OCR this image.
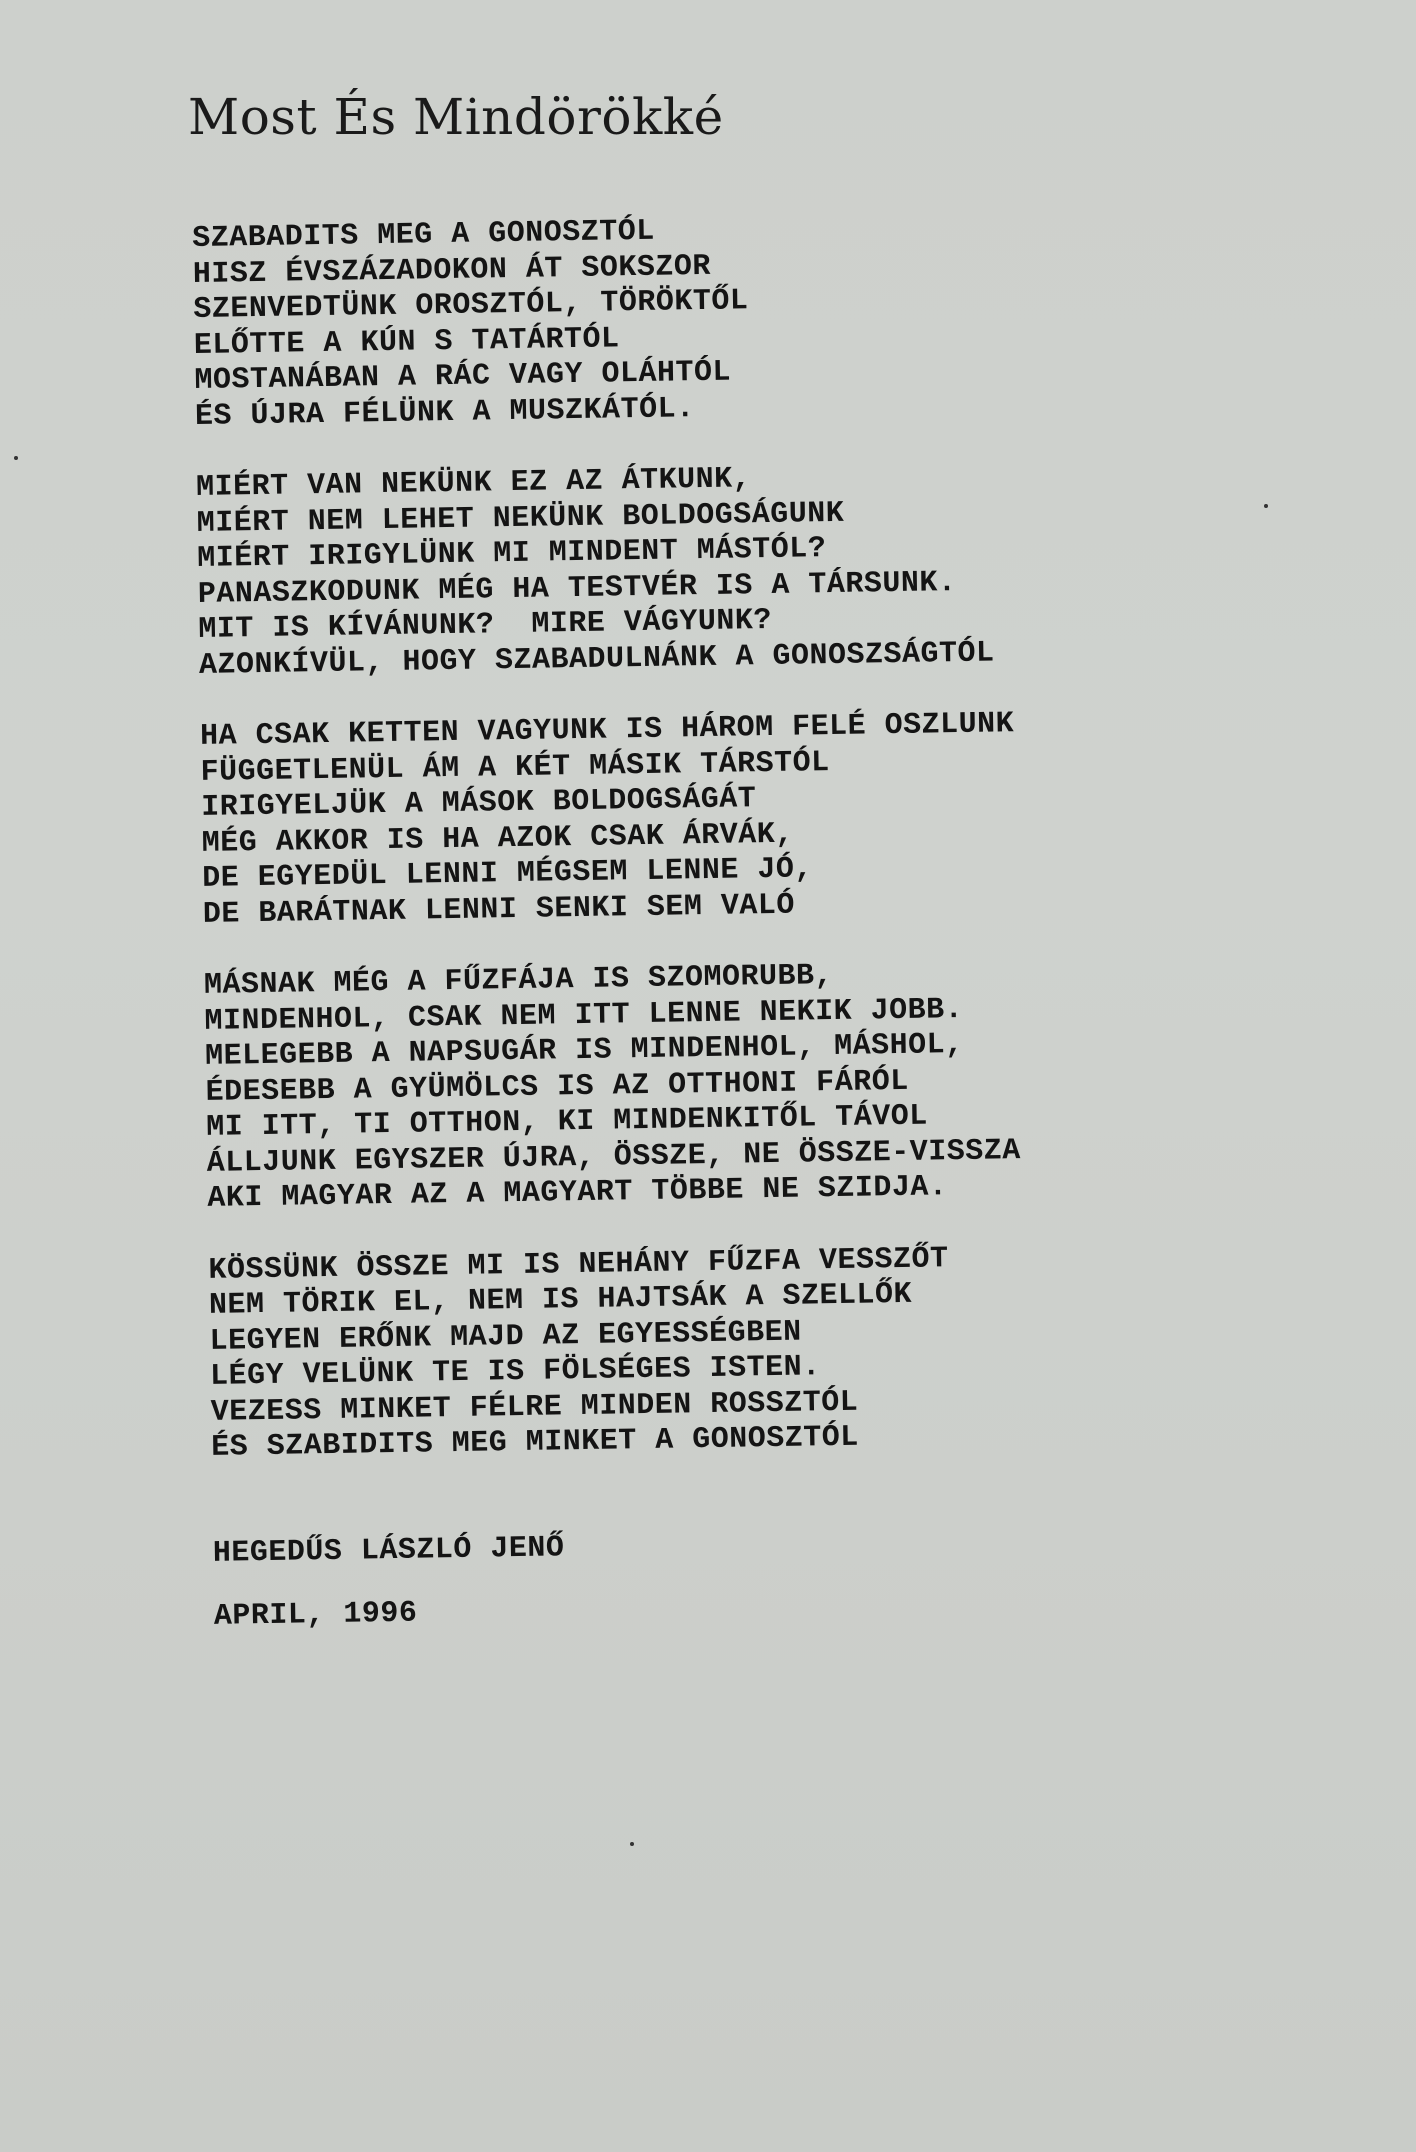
Most És Mindörökké
SZABADITS MEG A GONOSZTÓL
HISZ ÉVSZÁZADOKON ÁT SOKSZOR
SZENVEDTÜNK OROSZTÓL, TÖRÖKTŐL
ELŐTTE A KÚN S TATÁRTÓL
MOSTANÁBAN A RÁC VAGY OLÁHTÓL
ÉS ÚJRA FÉLÜNK A MUSZKÁTÓL.
MIÉRT VAN NEKÜNK EZ AZ ÁTKUNK,
MIÉRT NEM LEHET NEKÜNK BOLDOGSÁGUNK
MIÉRT IRIGYLÜNK MI MINDENT MÁSTÓL?
PANASZKODUNK MÉG HA TESTVÉR IS A TÁRSUNK.
MIT IS KÍVÁNUNK?  MIRE VÁGYUNK?
AZONKÍVÜL, HOGY SZABADULNÁNK A GONOSZSÁGTÓL
HA CSAK KETTEN VAGYUNK IS HÁROM FELÉ OSZLUNK
FÜGGETLENÜL ÁM A KÉT MÁSIK TÁRSTÓL
IRIGYELJÜK A MÁSOK BOLDOGSÁGÁT
MÉG AKKOR IS HA AZOK CSAK ÁRVÁK,
DE EGYEDÜL LENNI MÉGSEM LENNE JÓ,
DE BARÁTNAK LENNI SENKI SEM VALÓ
MÁSNAK MÉG A FŰZFÁJA IS SZOMORUBB,
MINDENHOL, CSAK NEM ITT LENNE NEKIK JOBB.
MELEGEBB A NAPSUGÁR IS MINDENHOL, MÁSHOL,
ÉDESEBB A GYÜMÖLCS IS AZ OTTHONI FÁRÓL
MI ITT, TI OTTHON, KI MINDENKITŐL TÁVOL
ÁLLJUNK EGYSZER ÚJRA, ÖSSZE, NE ÖSSZE-VISSZA
AKI MAGYAR AZ A MAGYART TÖBBE NE SZIDJA.
KÖSSÜNK ÖSSZE MI IS NEHÁNY FŰZFA VESSZŐT
NEM TÖRIK EL, NEM IS HAJTSÁK A SZELLŐK
LEGYEN ERŐNK MAJD AZ EGYESSÉGBEN
LÉGY VELÜNK TE IS FÖLSÉGES ISTEN.
VEZESS MINKET FÉLRE MINDEN ROSSZTÓL
ÉS SZABIDITS MEG MINKET A GONOSZTÓL
HEGEDŰS LÁSZLÓ JENŐ
APRIL, 1996
